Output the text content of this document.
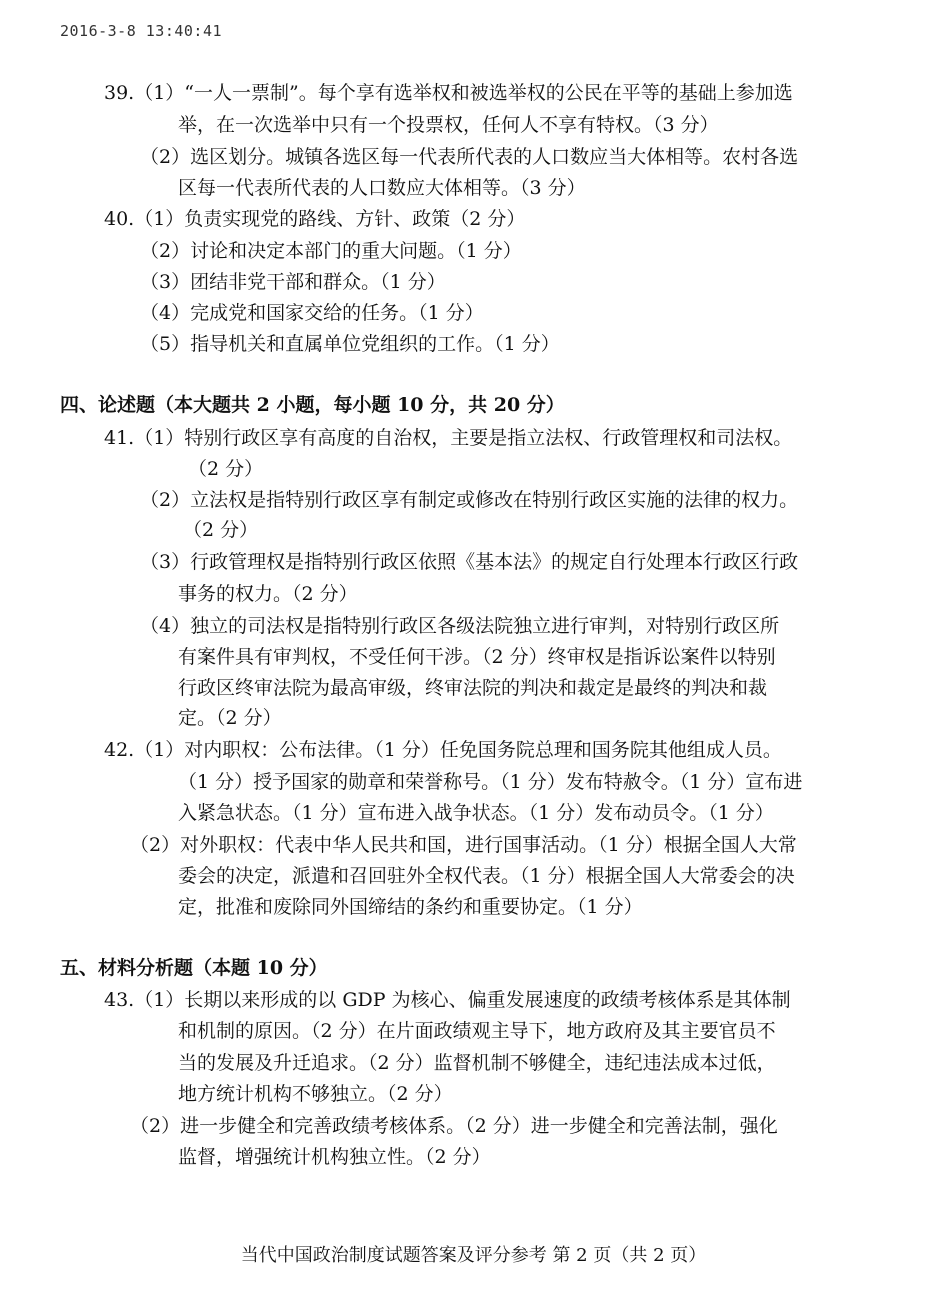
2016-3-8 13:40:41
39.（1）“一人一票制”。每个享有选举权和被选举权的公民在平等的基础上参加选
举，在一次选举中只有一个投票权，任何人不享有特权。（3 分）
（2）选区划分。城镇各选区每一代表所代表的人口数应当大体相等。农村各选
区每一代表所代表的人口数应大体相等。（3 分）
40.（1）负责实现党的路线、方针、政策（2 分）
（2）讨论和决定本部门的重大问题。（1 分）
（3）团结非党干部和群众。（1 分）
（4）完成党和国家交给的任务。（1 分）
（5）指导机关和直属单位党组织的工作。（1 分）
四、论述题（本大题共 2 小题，每小题 10 分，共 20 分）
41.（1）特别行政区享有高度的自治权，主要是指立法权、行政管理权和司法权。
（2 分）
（2）立法权是指特别行政区享有制定或修改在特别行政区实施的法律的权力。
（2 分）
（3）行政管理权是指特别行政区依照《基本法》的规定自行处理本行政区行政
事务的权力。（2 分）
（4）独立的司法权是指特别行政区各级法院独立进行审判，对特别行政区所
有案件具有审判权，不受任何干涉。（2 分）终审权是指诉讼案件以特别
行政区终审法院为最高审级，终审法院的判决和裁定是最终的判决和裁
定。（2 分）
42.（1）对内职权：公布法律。（1 分）任免国务院总理和国务院其他组成人员。
（1 分）授予国家的勋章和荣誉称号。（1 分）发布特赦令。（1 分）宣布进
入紧急状态。（1 分）宣布进入战争状态。（1 分）发布动员令。（1 分）
（2）对外职权：代表中华人民共和国，进行国事活动。（1 分）根据全国人大常
委会的决定，派遣和召回驻外全权代表。（1 分）根据全国人大常委会的决
定，批准和废除同外国缔结的条约和重要协定。（1 分）
五、材料分析题（本题 10 分）
43.（1）长期以来形成的以 GDP 为核心、偏重发展速度的政绩考核体系是其体制
和机制的原因。（2 分）在片面政绩观主导下，地方政府及其主要官员不
当的发展及升迁追求。（2 分）监督机制不够健全，违纪违法成本过低，
地方统计机构不够独立。（2 分）
（2）进一步健全和完善政绩考核体系。（2 分）进一步健全和完善法制，强化
监督，增强统计机构独立性。（2 分）
当代中国政治制度试题答案及评分参考 第 2 页（共 2 页）
